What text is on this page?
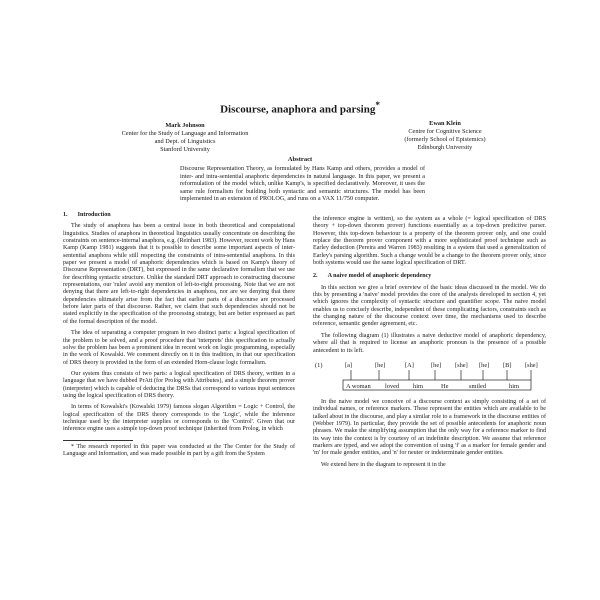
Discourse, anaphora and parsing*
Mark Johnson
Center for the Study of Language and Information
and Dept. of Linguistics
Stanford University
Ewan Klein
Centre for Cognitive Science
(formerly School of Epistemics)
Edinburgh University
Abstract
Discourse Representation Theory, as formulated by Hans Kamp and others, provides a model of inter- and intra-sentential anaphoric dependencies in natural language. In this paper, we present a reformulation of the model which, unlike Kamp's, is specified declaratively. Moreover, it uses the same rule formalism for building both syntactic and semantic structures. The model has been implemented in an extension of PROLOG, and runs on a VAX 11/750 computer.
1. Introduction

The study of anaphora has been a central issue in both theoretical and computational linguistics. Studies of anaphora in theoretical linguistics usually concentrate on describing the constraints on sentence-internal anaphora, e.g. (Reinhart 1983). However, recent work by Hans Kamp (Kamp 1981) suggests that it is possible to describe some important aspects of inter-sentential anaphora while still respecting the constraints of intra-sentential anaphora. In this paper we present a model of anaphoric dependencies which is based on Kamp's theory of Discourse Representation (DRT), but expressed in the same declarative formalism that we use for describing syntactic structure. Unlike the standard DRT approach to constructing discourse representations, our 'rules' avoid any mention of left-to-right processing. Note that we are not denying that there are left-to-right dependencies in anaphora, nor are we denying that there dependencies ultimately arise from the fact that earlier parts of a discourse are processed before later parts of that discourse. Rather, we claim that such dependencies should not be stated explicitly in the specification of the processing strategy, but are better expressed as part of the formal description of the model.

The idea of separating a computer program in two distinct parts: a logical specification of the problem to be solved, and a proof procedure that 'interprets' this specification to actually solve the problem has been a prominent idea in recent work on logic programming, especially in the work of Kowalski. We comment directly on it in this tradition, in that our specification of DRS theory is provided in the form of an extended Horn-clause logic formalism.

Our system thus consists of two parts: a logical specification of DRS theory, written in a language that we have dubbed PrAtt (for Prolog with Attributes), and a simple theorem prover (interpreter) which is capable of deducing the DRSs that correspond to various input sentences using the logical specification of DRS theory.

In terms of Kowalski's (Kowalski 1979) famous slogan Algorithm = Logic + Control, the logical specification of the DRS theory corresponds to the 'Logic', while the inference technique used by the interpreter supplies or corresponds to the 'Control'. Given that our inference engine uses a simple top-down proof technique (inherited from Prolog, in which

* The research reported in this paper was conducted at the The Center for the Study of Language and Information, and was made possible in part by a gift from the System

the inference engine is written), so the system as a whole (= logical specification of DRS theory + top-down theorem prover) functions essentially as a top-down predictive parser. However, this top-down behaviour is a property of the theorem prover only, and one could replace the theorem prover component with a more sophisticated proof technique such as Earley deduction (Pereira and Warren 1983) resulting in a system that used a generalization of Earley's parsing algorithm. Such a change would be a change to the theorem prover only, since both systems would use the same logical specification of DRT.

2. A naive model of anaphoric dependency

In this section we give a brief overview of the basic ideas discussed in the model. We do this by presenting a 'naive' model provides the core of the analysis developed in section 4, yet which ignores the complexity of syntactic structure and quantifier scope. The naive model enables us to concisely describe, independent of these complicating factors, constraints such as the changing nature of the discourse context over time, the mechanisms used to describe reference, semantic gender agreement, etc.

The following diagram (1) illustrates a naive deductive model of anaphoric dependency, where all that is required to license an anaphoric pronoun is the presence of a possible antecedent to its left.

(1)	[a]	[he]	[A]	[he] [she] [he] [B] [she]
A woman loved him	He	smiled	him

In the naive model we conceive of a discourse context as simply consisting of a set of individual names, or reference markers. These represent the entities which are available to be talked about in the discourse, and play a similar role to a framework in the discourse entities of (Webber 1979). In particular, they provide the set of possible antecedents for anaphoric noun phrases. We make the simplifying assumption that the only way for a reference marker to find its way into the context is by courtesy of an indefinite description. We assume that reference markers are typed, and we adopt the convention of using 'f' as a marker for female gender and 'm' for male gender entities, and 'n' for neuter or indeterminate gender entities.

We extend here in the diagram to represent it in the
